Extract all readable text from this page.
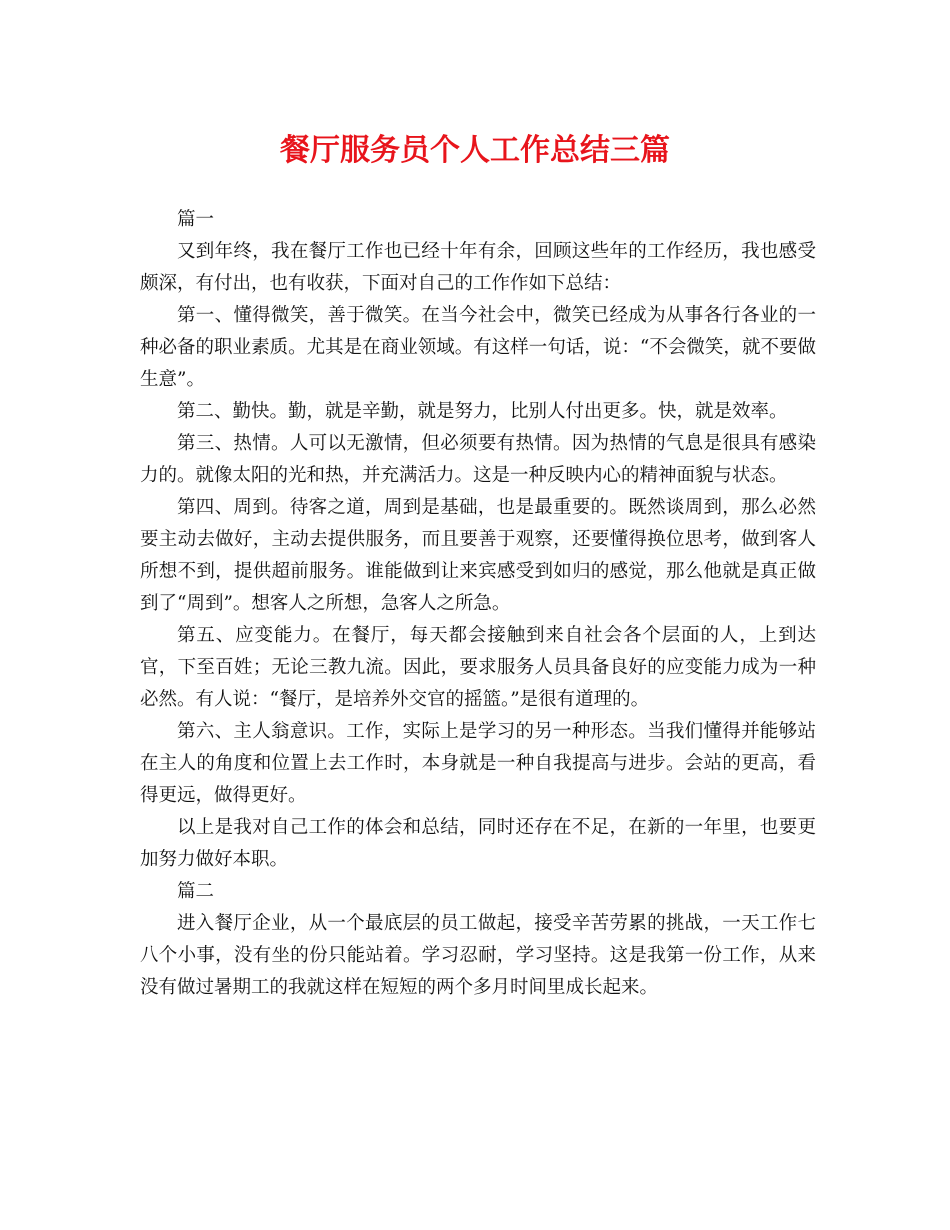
餐厅服务员个人工作总结三篇

篇一

又到年终，我在餐厅工作也已经十年有余，回顾这些年的工作经历，我也感受颇深，有付出，也有收获，下面对自己的工作作如下总结：

第一、懂得微笑，善于微笑。在当今社会中，微笑已经成为从事各行各业的一种必备的职业素质。尤其是在商业领域。有这样一句话，说：“不会微笑，就不要做生意”。

第二、勤快。勤，就是辛勤，就是努力，比别人付出更多。快，就是效率。

第三、热情。人可以无激情，但必须要有热情。因为热情的气息是很具有感染力的。就像太阳的光和热，并充满活力。这是一种反映内心的精神面貌与状态。

第四、周到。待客之道，周到是基础，也是最重要的。既然谈周到，那么必然要主动去做好，主动去提供服务，而且要善于观察，还要懂得换位思考，做到客人所想不到，提供超前服务。谁能做到让来宾感受到如归的感觉，那么他就是真正做到了“周到”。想客人之所想，急客人之所急。

第五、应变能力。在餐厅，每天都会接触到来自社会各个层面的人，上到达官，下至百姓；无论三教九流。因此，要求服务人员具备良好的应变能力成为一种必然。有人说：“餐厅，是培养外交官的摇篮。”是很有道理的。

第六、主人翁意识。工作，实际上是学习的另一种形态。当我们懂得并能够站在主人的角度和位置上去工作时，本身就是一种自我提高与进步。会站的更高，看得更远，做得更好。

以上是我对自己工作的体会和总结，同时还存在不足，在新的一年里，也要更加努力做好本职。

篇二

进入餐厅企业，从一个最底层的员工做起，接受辛苦劳累的挑战，一天工作七八个小事，没有坐的份只能站着。学习忍耐，学习坚持。这是我第一份工作，从来没有做过暑期工的我就这样在短短的两个多月时间里成长起来。
